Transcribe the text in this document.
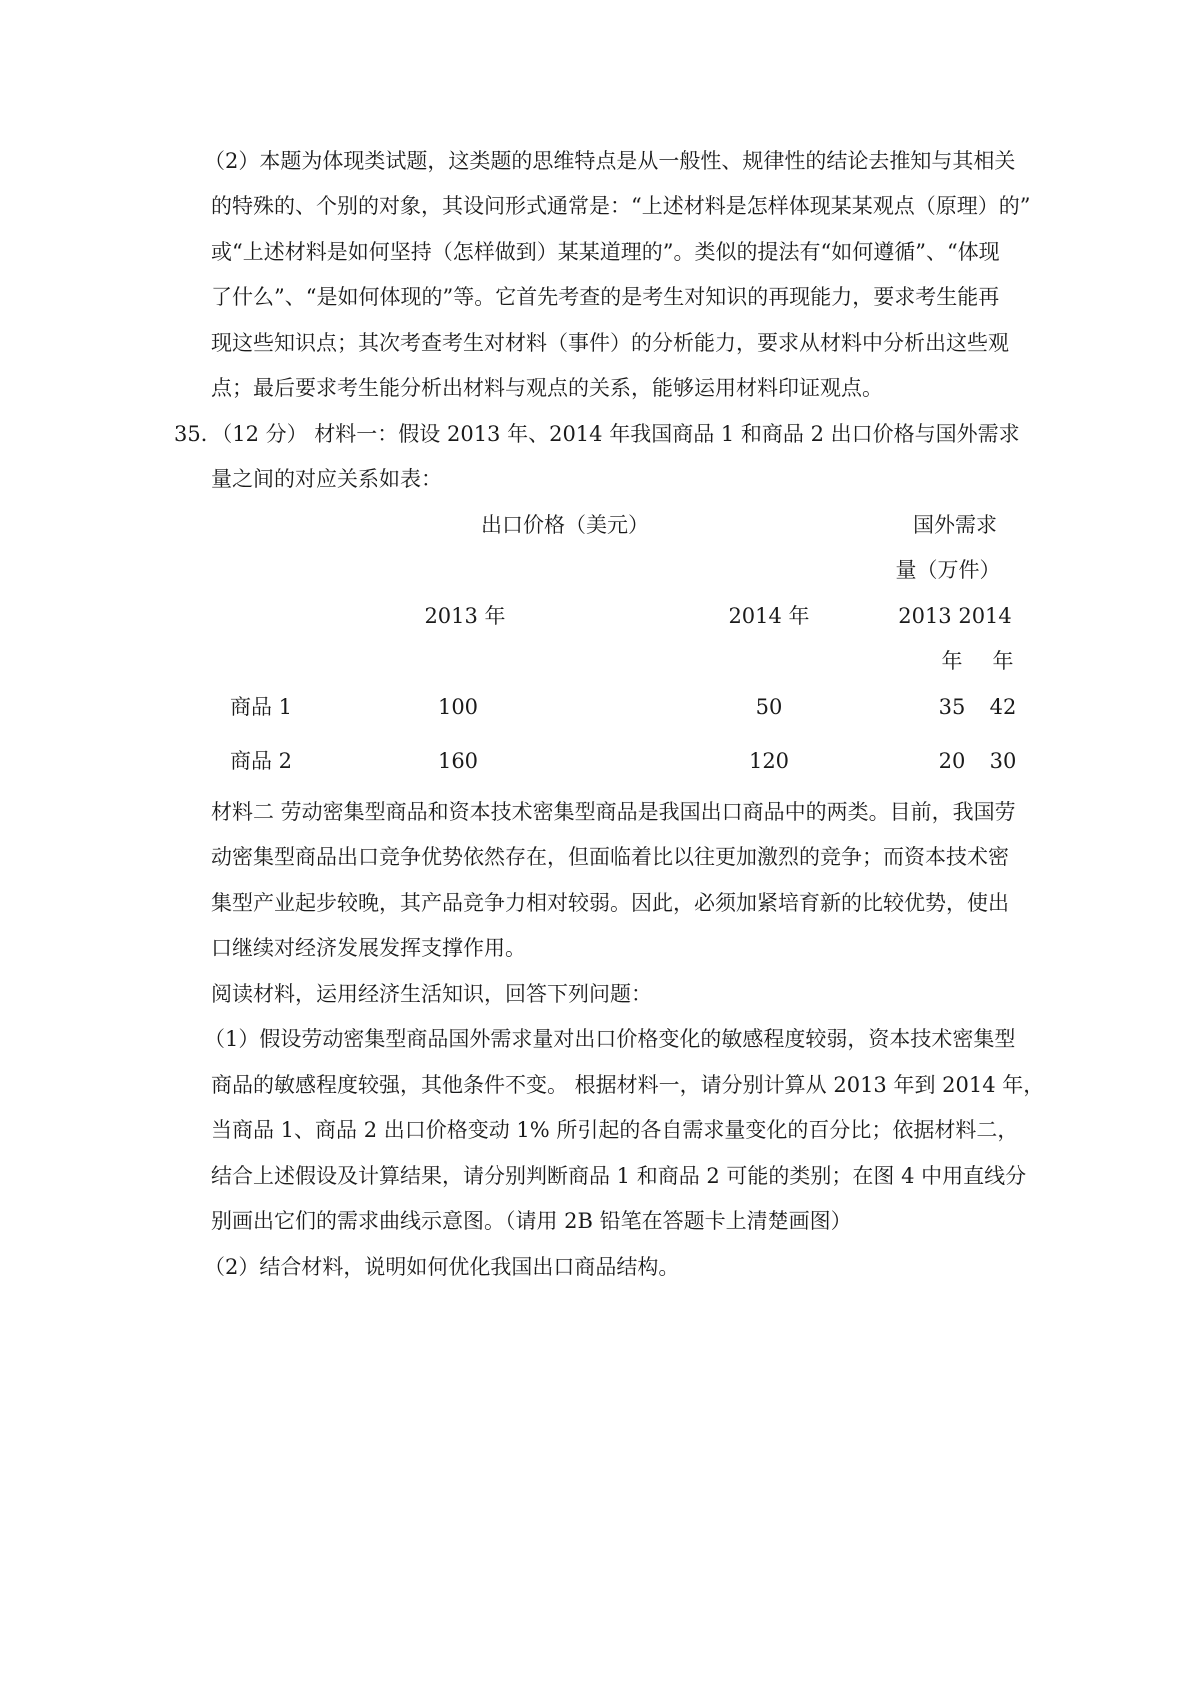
（2）本题为体现类试题，这类题的思维特点是从一般性、规律性的结论去推知与其相关
的特殊的、个别的对象，其设问形式通常是：“上述材料是怎样体现某某观点（原理）的”
或“上述材料是如何坚持（怎样做到）某某道理的”。类似的提法有“如何遵循”、“体现
了什么”、“是如何体现的”等。它首先考查的是考生对知识的再现能力，要求考生能再
现这些知识点；其次考查考生对材料（事件）的分析能力，要求从材料中分析出这些观
点；最后要求考生能分析出材料与观点的关系，能够运用材料印证观点。
35．（12 分） 材料一：假设 2013 年、2014 年我国商品 1 和商品 2 出口价格与国外需求
量之间的对应关系如表：
出口价格（美元）	国外需求
量（万件）
2013 年	2014 年	2013 2014
年 年
商品 1	100	50	35 42
商品 2	160	120	20 30
材料二 劳动密集型商品和资本技术密集型商品是我国出口商品中的两类。目前，我国劳
动密集型商品出口竞争优势依然存在，但面临着比以往更加激烈的竞争；而资本技术密
集型产业起步较晚，其产品竞争力相对较弱。因此，必须加紧培育新的比较优势，使出
口继续对经济发展发挥支撑作用。
阅读材料，运用经济生活知识，回答下列问题：
（1）假设劳动密集型商品国外需求量对出口价格变化的敏感程度较弱，资本技术密集型
商品的敏感程度较强，其他条件不变。 根据材料一，请分别计算从 2013 年到 2014 年，
当商品 1、商品 2 出口价格变动 1% 所引起的各自需求量变化的百分比；依据材料二，
结合上述假设及计算结果，请分别判断商品 1 和商品 2 可能的类别；在图 4 中用直线分
别画出它们的需求曲线示意图。（请用 2B 铅笔在答题卡上清楚画图）
（2）结合材料，说明如何优化我国出口商品结构。
